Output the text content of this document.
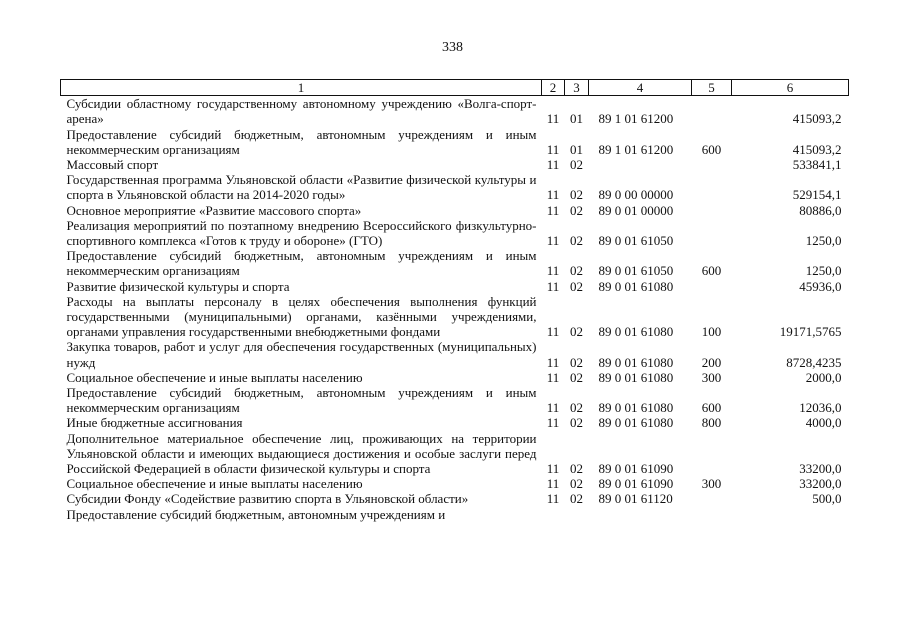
338
1	2	3	4	5	6
Субсидии областному государственному автономному учреждению «Волга-спорт-арена»	11	01	89 1 01 61200		415093,2
Предоставление субсидий бюджетным, автономным учреждениям и иным некоммерческим организациям	11	01	89 1 01 61200	600	415093,2
Массовый спорт	11	02			533841,1
Государственная программа Ульяновской области «Развитие физической культуры и спорта в Ульяновской области на 2014-2020 годы»	11	02	89 0 00 00000		529154,1
Основное мероприятие «Развитие массового спорта»	11	02	89 0 01 00000		80886,0
Реализация мероприятий по поэтапному внедрению Всероссийского физкультурно-спортивного комплекса «Готов к труду и обороне» (ГТО)	11	02	89 0 01 61050		1250,0
Предоставление субсидий бюджетным, автономным учреждениям и иным некоммерческим организациям	11	02	89 0 01 61050	600	1250,0
Развитие физической культуры и спорта	11	02	89 0 01 61080		45936,0
Расходы на выплаты персоналу в целях обеспечения выполнения функций государственными (муниципальными) органами, казёнными учреждениями, органами управления государственными внебюджетными фондами	11	02	89 0 01 61080	100	19171,5765
Закупка товаров, работ и услуг для обеспечения государственных (муниципальных) нужд	11	02	89 0 01 61080	200	8728,4235
Социальное обеспечение и иные выплаты населению	11	02	89 0 01 61080	300	2000,0
Предоставление субсидий бюджетным, автономным учреждениям и иным некоммерческим организациям	11	02	89 0 01 61080	600	12036,0
Иные бюджетные ассигнования	11	02	89 0 01 61080	800	4000,0
Дополнительное материальное обеспечение лиц, проживающих на территории Ульяновской области и имеющих выдающиеся достижения и особые заслуги перед Российской Федерацией в области физической культуры и спорта	11	02	89 0 01 61090		33200,0
Социальное обеспечение и иные выплаты населению	11	02	89 0 01 61090	300	33200,0
Субсидии Фонду «Содействие развитию спорта в Ульяновской области»	11	02	89 0 01 61120		500,0
Предоставление субсидий бюджетным, автономным учреждениям и					
